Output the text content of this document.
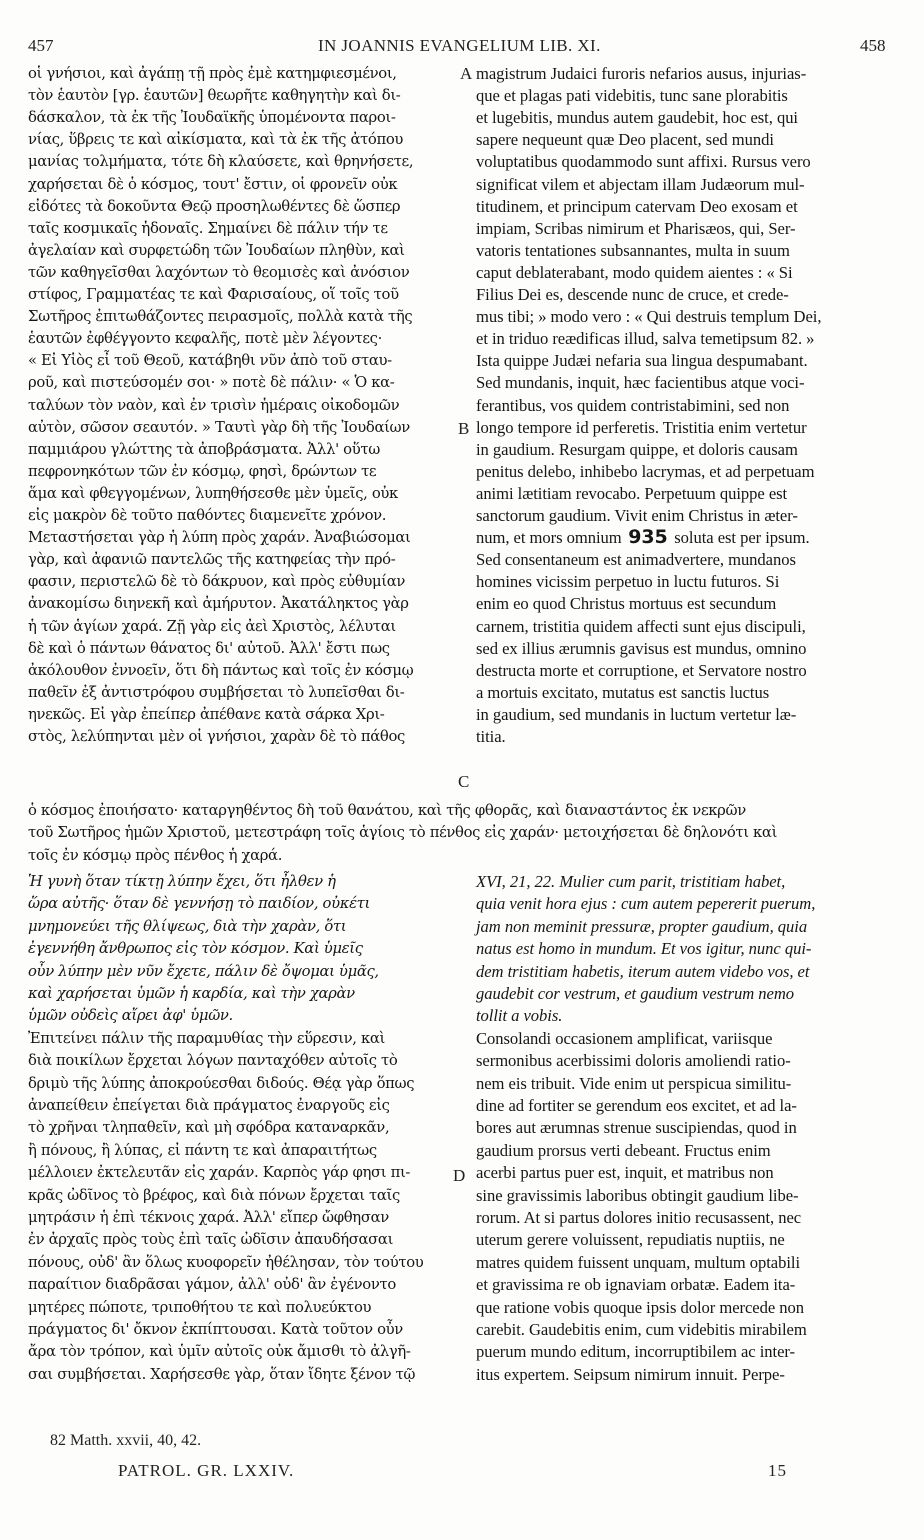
457	IN JOANNIS EVANGELIUM LIB. XI.	458
A
B
C
D
οἱ γνήσιοι, καὶ ἀγάπῃ τῇ πρὸς ἐμὲ κατημφιεσμένοι,
τὸν ἑαυτὸν [γρ. ἑαυτῶν] θεωρῆτε καθηγητὴν καὶ δι-
δάσκαλον, τὰ ἐκ τῆς Ἰουδαϊκῆς ὑπομένοντα παροι-
νίας, ὕβρεις τε καὶ αἰκίσματα, καὶ τὰ ἐκ τῆς ἀτόπου
μανίας τολμήματα, τότε δὴ κλαύσετε, καὶ θρηνήσετε,
χαρήσεται δὲ ὁ κόσμος, τουτ' ἔστιν, οἱ φρονεῖν οὐκ
εἰδότες τὰ δοκοῦντα Θεῷ προσηλωθέντες δὲ ὥσπερ
ταῖς κοσμικαῖς ἡδοναῖς. Σημαίνει δὲ πάλιν τήν τε
ἀγελαίαν καὶ συρφετώδη τῶν Ἰουδαίων πληθὺν, καὶ
τῶν καθηγεῖσθαι λαχόντων τὸ θεομισὲς καὶ ἀνόσιον
στίφος, Γραμματέας τε καὶ Φαρισαίους, οἵ τοῖς τοῦ
Σωτῆρος ἐπιτωθάζοντες πειρασμοῖς, πολλὰ κατὰ τῆς
ἑαυτῶν ἐφθέγγοντο κεφαλῆς, ποτὲ μὲν λέγοντες·
« Εἰ Υἱὸς εἶ τοῦ Θεοῦ, κατάβηθι νῦν ἀπὸ τοῦ σταυ-
ροῦ, καὶ πιστεύσομέν σοι· » ποτὲ δὲ πάλιν· « Ὁ κα-
ταλύων τὸν ναὸν, καὶ ἐν τρισὶν ἡμέραις οἰκοδομῶν
αὐτὸν, σῶσον σεαυτόν. » Ταυτὶ γὰρ δὴ τῆς Ἰουδαίων
παμμιάρου γλώττης τὰ ἀποβράσματα. Ἀλλ' οὕτω
πεφρονηκότων τῶν ἐν κόσμῳ, φησὶ, δρώντων τε
ἅμα καὶ φθεγγομένων, λυπηθήσεσθε μὲν ὑμεῖς, οὐκ
εἰς μακρὸν δὲ τοῦτο παθόντες διαμενεῖτε χρόνον.
Μεταστήσεται γὰρ ἡ λύπη πρὸς χαράν. Ἀναβιώσομαι
γὰρ, καὶ ἀφανιῶ παντελῶς τῆς κατηφείας τὴν πρό-
φασιν, περιστελῶ δὲ τὸ δάκρυον, καὶ πρὸς εὐθυμίαν
ἀνακομίσω διηνεκῆ καὶ ἀμήρυτον. Ἀκατάληκτος γὰρ
ἡ τῶν ἁγίων χαρά. Ζῇ γὰρ εἰς ἀεὶ Χριστὸς, λέλυται
δὲ καὶ ὁ πάντων θάνατος δι' αὐτοῦ. Ἀλλ' ἔστι πως
ἀκόλουθον ἐννοεῖν, ὅτι δὴ πάντως καὶ τοῖς ἐν κόσμῳ
παθεῖν ἐξ ἀντιστρόφου συμβήσεται τὸ λυπεῖσθαι δι-
ηνεκῶς. Εἰ γὰρ ἐπείπερ ἀπέθανε κατὰ σάρκα Χρι-
στὸς, λελύπηνται μὲν οἱ γνήσιοι, χαρὰν δὲ τὸ πάθος
magistrum Judaici furoris nefarios ausus, injurias-
que et plagas pati videbitis, tunc sane plorabitis
et lugebitis, mundus autem gaudebit, hoc est, qui
sapere nequeunt quæ Deo placent, sed mundi
voluptatibus quodammodo sunt affixi. Rursus vero
significat vilem et abjectam illam Judæorum mul-
titudinem, et principum catervam Deo exosam et
impiam, Scribas nimirum et Pharisæos, qui, Ser-
vatoris tentationes subsannantes, multa in suum
caput deblaterabant, modo quidem aientes : « Si
Filius Dei es, descende nunc de cruce, et crede-
mus tibi; » modo vero : « Qui destruis templum Dei,
et in triduo reædificas illud, salva temetipsum 82. »
Ista quippe Judæi nefaria sua lingua despumabant.
Sed mundanis, inquit, hæc facientibus atque voci-
ferantibus, vos quidem contristabimini, sed non
longo tempore id perferetis. Tristitia enim vertetur
in gaudium. Resurgam quippe, et doloris causam
penitus delebo, inhibebo lacrymas, et ad perpetuam
animi lætitiam revocabo. Perpetuum quippe est
sanctorum gaudium. Vivit enim Christus in æter-
Sed consentaneum est animadvertere, mundanos
homines vicissim perpetuo in luctu futuros. Si
enim eo quod Christus mortuus est secundum
carnem, tristitia quidem affecti sunt ejus discipuli,
sed ex illius ærumnis gavisus est mundus, omnino
destructa morte et corruptione, et Servatore nostro
a mortuis excitato, mutatus est sanctis luctus
in gaudium, sed mundanis in luctum vertetur læ-
titia.
num, et mors omnium 935 soluta est per ipsum.
ὁ κόσμος ἐποιήσατο· καταργηθέντος δὴ τοῦ θανάτου, καὶ τῆς φθορᾶς, καὶ διαναστάντος ἐκ νεκρῶν
τοῦ Σωτῆρος ἡμῶν Χριστοῦ, μετεστράφη τοῖς ἁγίοις τὸ πένθος εἰς χαράν· μετοιχήσεται δὲ δηλονότι καὶ
τοῖς ἐν κόσμῳ πρὸς πένθος ἡ χαρά.
Ἡ γυνὴ ὅταν τίκτῃ λύπην ἔχει, ὅτι ἦλθεν ἡ
ὥρα αὐτῆς· ὅταν δὲ γεννήσῃ τὸ παιδίον, οὐκέτι
μνημονεύει τῆς θλίψεως, διὰ τὴν χαρὰν, ὅτι
ἐγεννήθη ἄνθρωπος εἰς τὸν κόσμον. Καὶ ὑμεῖς
οὖν λύπην μὲν νῦν ἔχετε, πάλιν δὲ ὄψομαι ὑμᾶς,
καὶ χαρήσεται ὑμῶν ἡ καρδία, καὶ τὴν χαρὰν
ὑμῶν οὐδεὶς αἴρει ἀφ' ὑμῶν.
Ἐπιτείνει πάλιν τῆς παραμυθίας τὴν εὕρεσιν, καὶ
διὰ ποικίλων ἔρχεται λόγων πανταχόθεν αὐτοῖς τὸ
δριμὺ τῆς λύπης ἀποκρούεσθαι διδούς. Θέᾳ γὰρ ὅπως
ἀναπείθειν ἐπείγεται διὰ πράγματος ἐναργοῦς εἰς
τὸ χρῆναι τληπαθεῖν, καὶ μὴ σφόδρα καταναρκᾶν,
ἢ πόνους, ἢ λύπας, εἰ πάντη τε καὶ ἀπαραιτήτως
μέλλοιεν ἐκτελευτᾶν εἰς χαράν. Καρπὸς γάρ φησι πι-
κρᾶς ὠδῖνος τὸ βρέφος, καὶ διὰ πόνων ἔρχεται ταῖς
μητράσιν ἡ ἐπὶ τέκνοις χαρά. Ἀλλ' εἴπερ ὤφθησαν
ἐν ἀρχαῖς πρὸς τοὺς ἐπὶ ταῖς ὠδῖσιν ἀπαυδήσασαι
πόνους, οὐδ' ἂν ὅλως κυοφορεῖν ἠθέλησαν, τὸν τούτου
παραίτιον διαδρᾶσαι γάμον, ἀλλ' οὐδ' ἂν ἐγένοντο
μητέρες πώποτε, τριποθήτου τε καὶ πολυεύκτου
πράγματος δι' ὄκνον ἐκπίπτουσαι. Κατὰ τοῦτον οὖν
ἄρα τὸν τρόπον, καὶ ὑμῖν αὐτοῖς οὐκ ἄμισθι τὸ ἀλγῆ-
σαι συμβήσεται. Χαρήσεσθε γὰρ, ὅταν ἴδητε ξένον τῷ
XVI, 21, 22. Mulier cum parit, tristitiam habet,
quia venit hora ejus : cum autem pepererit puerum,
jam non meminit pressuræ, propter gaudium, quia
natus est homo in mundum. Et vos igitur, nunc qui-
dem tristitiam habetis, iterum autem videbo vos, et
gaudebit cor vestrum, et gaudium vestrum nemo
tollit a vobis.
Consolandi occasionem amplificat, variisque
sermonibus acerbissimi doloris amoliendi ratio-
nem eis tribuit. Vide enim ut perspicua similitu-
dine ad fortiter se gerendum eos excitet, et ad la-
bores aut ærumnas strenue suscipiendas, quod in
gaudium prorsus verti debeant. Fructus enim
acerbi partus puer est, inquit, et matribus non
sine gravissimis laboribus obtingit gaudium libe-
rorum. At si partus dolores initio recusassent, nec
uterum gerere voluissent, repudiatis nuptiis, ne
matres quidem fuissent unquam, multum optabili
et gravissima re ob ignaviam orbatæ. Eadem ita-
que ratione vobis quoque ipsis dolor mercede non
carebit. Gaudebitis enim, cum videbitis mirabilem
puerum mundo editum, incorruptibilem ac inter-
itus expertem. Seipsum nimirum innuit. Perpe-
82 Matth. xxvii, 40, 42.
PATROL. GR. LXXIV.	15
